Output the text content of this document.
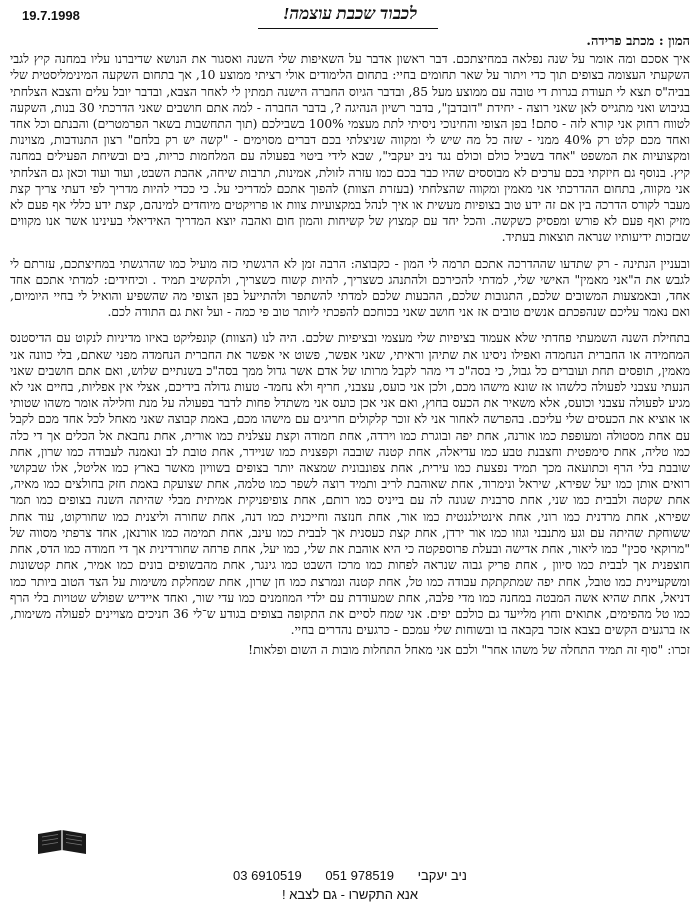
19.7.1998	לכבוד שכבת עוצמה!

המון : מכתב פרידה.

איך אסכם ומה אומר על שנה נפלאה במחיצתכם. דבר ראשון אדבר על השאיפות שלי השנה ואסגור את הנושא שדיברנו עליו במחנה קיץ לגבי השקעתי העצומה בצופים תוך כדי ויתור על שאר תחומים בחיי: בתחום הלימודים אולי רציתי ממוצע 10, אך בתחום השקעה המינימליסטית שלי בביה"ס תצא לי תעודת בגרות די טובה עם ממוצע מעל 85, ובדבר הגיוס החברה הישנה תמתין לי לאחר הצבא, ובדבר יובל עלים והצבא הצלחתי בגיבוש ואני מתגייס לאן שאני רוצה - יחידת "דובדבן", בדבר רשיון הנהיגה ?, בדבר החברה - למה אתם חושבים שאני הדרכתי 30 בנות, השקעה לטווח רחוק אני קורא לזה - סתם! בפן הצופי והחינוכי ניסיתי לתת מעצמי 100% בשבילכם (תוך התחשבות בשאר הפרמטרים) והבנתם וכל אחד ואחד מכם קלט רק 40% ממני - שזה כל מה שיש לי ומקווה שניצלתי בכם דברים מסוימים - "קשה יש רק בלחם" רצון התנודבות, מצוינות ומקצועיות את המשפט "אחד בשביל כולם וכולם נגד ניב יעקבי", שבא לידי ביטוי בפעולה עם המלחמות כריות, בים ובשיחת הפעילים במחנה קיץ. בנוסף גם חיזקתי בכם ערכים לא מבוססים שהיו כבר בכם כמו עזרה לזולת, אמינות, תרבות שיחה, אהבת השבט, ועוד ועוד וכאן גם הצלחתי אני מקווה, בתחום ההדרכתי אני מאמין ומקווה שהצלחתי (בעזרת הצוות) להפוך אתכם למדריכי על. כי ככדי להיות מדריך לפי דעתי צריך קצת מעבר לקורס הדרכה בין אם זה ידע טוב בצופיות מעשית או איך לנהל במקצועיות צוות או פרויקטים מיוחדים למינהם, קצת ידע כללי אף פעם לא מזיק ואף פעם לא פורש ומפסיק כשקשה. והכל יחד עם קמצוץ של קשיחות והמון חום ואהבה יוצא המדריך האידיאלי בעינינו אשר אנו מקווים שבזכות ידיעותיו שנראה תוצאות בעתיד.

ובעניין הנתינה - רק שתדעו שההדרכה אתכם תרמה לי המון - כקבוצה: הרבה זמן לא הרגשתי כזה מועיל כמו שהרגשתי במחיצתכם, עזרתם לי לגבש את ה"אני מאמין" האישי שלי, למדתי להכירכם ולהתנהג כשצריך, להיות קשוח כשצריך, ולהקשיב תמיד . וכיחידים: למדתי אתכם אחד אחד, ובאמצעות המשובים שלכם, התגובות שלכם, ההבעות שלכם למדתי להשתפר ולהתייעל בפן הצופי מה שהשפיע והואיל לי בחיי היומיום, ואם נאמר עליכם שנהפכתם אנשים טובים אז אני חושב שאני בכוחכם להפכתי ליותר טוב פי כמה - ועל זאת גם התודה לכם.

בתחילת השנה השמעתי פחדתי שלא אעמוד בציפיות שלי מעצמי ובציפיות שלכם. היה לנו (הצוות) קונפליקט באיזו מדיניות לנקוט עם הדיסטנס המחמידה או החברית הנחמדה ואפילו ניסינו את שתיהן וראיתי, שאני אפשר, פשוט אי אפשר את החברית הנחמדה מפני שאתם, בלי כוונה אני מאמין, תופסים תחת ועוברים כל גבול, כי בסה"כ די מהר לקבל מרותו של אדם אשר גדול ממך בסה"כ בשנתיים שלוש, ואם אתם חושבים שאני הנעתי עצבני לפעולה כלשהו אז שונא מישהו מכם, ולכן אני כועס, עצבני, חריף ולא נחמד- טעות גדולה בידיכם, אצלי אין אפליות, בחיים אני לא מגיע לפעולה עצבני וכועס, אלא משאיר את הכעס בחוץ, ואם אני אכן כועס אני משתדל פחות לדבר בפעולה על מנת וחלילה אומר משהו שטותי או אוציא את הכעסים שלי עליכם. בהפרשה לאחור אני לא זוכר קלקולים חריגים עם מישהו מכם, באמת קבוצה שאני מאחל לכל אחד מכם לקבל עם אחת מסטולה ומעופפת כמו אורנה, אחת יפה ובוגרת כמו וירדה, אחת חמודה וקצת עצלנית כמו אורית, אחת נחבאת אל הכלים אך די כלה כמו טליה, אחת סימפטית וחצבנת טבע כמו עדיאלה, אחת קטנה שובבה וקפצנית כמו שניידר, אחת טובת לב ונאמנה לעבודה כמו שרון, אחת שובבת בלי הרף וכתועאה מכך תמיד נפצעת כמו עירית, אחת צפונבונית שמצאה יותר בצופים בשוויון מאשר בארץ כמו אליטל, אלו שבקושי רואים אותן כמו יעל שפירא, שיראל ונימרוד, אחת שאוהבת לריב ותמיד רוצה לשפר כמו טלמה, אחת שצועקת באמת חזק בחולצים כמו מאיה, אחת שקטה ולבבית כמו שני, אחת סרבנית שגונה לה עם בייניס כמו רותם, אחת צופיפניקית אמיתית מבלי שהיתה השנה בצופים כמו תמר שפירא, אחת מרדנית כמו רוני, אחת אינטילגנטית כמו אור, אחת חנזצה וחייכנית כמו דנה, אחת שחורה וליצנית כמו שחורקוט, עוד אחת ששוחקת שהיתה עם וגע מתנבני וגוזו כמו אור ירדן, אחת קצת כעסנית אך לבבית כמו עינב, אחת תמימה כמו אורנאן, אחד צרפתי מסווה של "מרוקאי סכין" כמו ליאור, אחת אדישה ובעלת פרוספקטה כי היא אוהבת את שלי, כמו יעל, אחת פרחה שחורדינית אך די חמודה כמו הדס, אחת חוצפנית אך לבבית כמו סיוון , אחת פריק גבוה שנראה לפחות כמו מרכז השבט כמו גינגר, אחת מהבשופים בונים כמו אמיר, אחת קטשונות ומשקעיינית כמו טובל, אחת יפה שמתקתקת עבודה כמו טל, אחת קטנה ונמרצת כמו חן שרון, אחת שמחלקת משימות על הצד הטוב ביותר כמו דניאל, אחת שהיא אשה המבטה במחנה כמו מדי פלבה, אחת שמעודדת עם ילדי המוזמנים כמו עדי שור, ואחד איידיש שפולש שטויות בלי הרף כמו טל מהפימים, אתואים וחוץ מלייעד גם כולכם יפים. אני שמח לסיים את התקופה בצופים בגודע ש־לי 36 חניכים מצויינים לפעולה משימות, אז ברגעים הקשים בצבא אזכר בקבאה בו ובשוחות שלי עמכם - כרגעים נהדרים בחיי.

זכרו: "סוף זה תמיד התחלה של משהו אחר" ולכם אני מאחל התחלות מובות ה השום ופלאות!

ניב יעקבי 03 6910519 051 978519
אנא התקשרו - גם לצבא !
